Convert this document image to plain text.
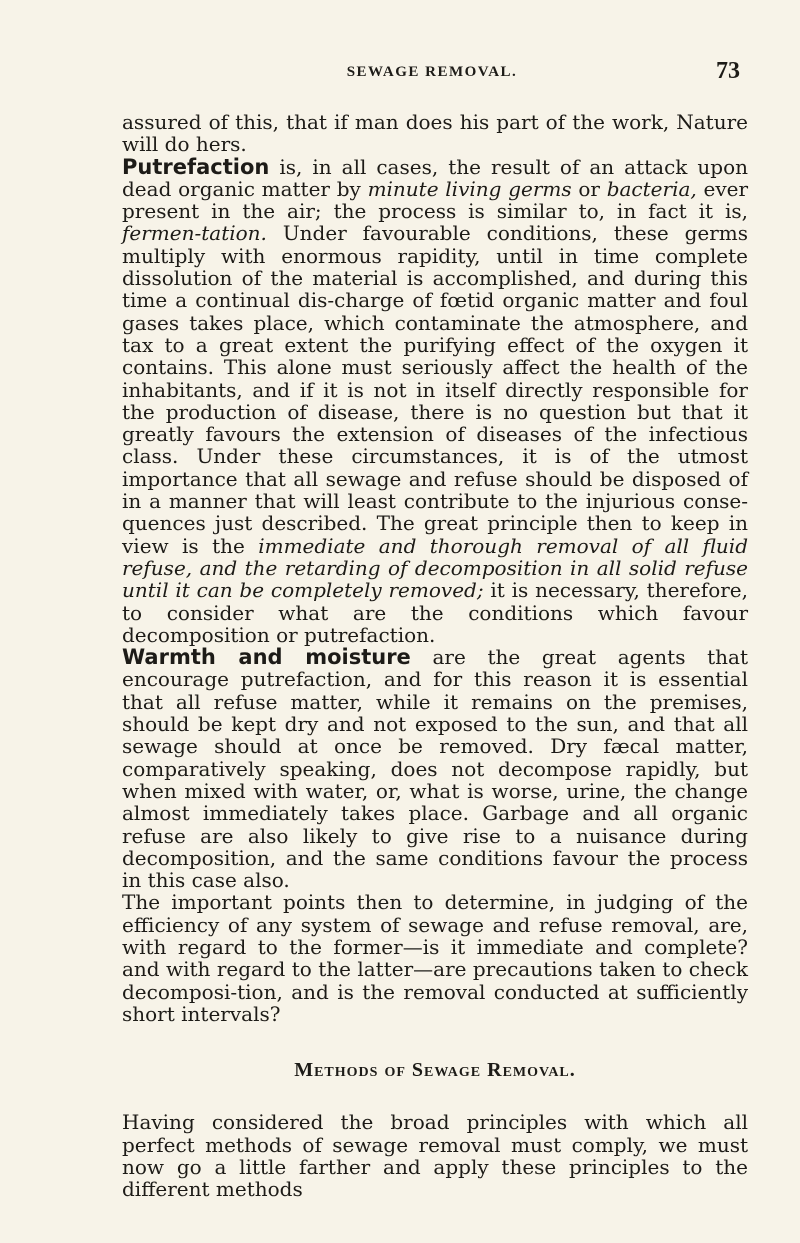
SEWAGE REMOVAL.	73

assured of this, that if man does his part of the work, Nature will do hers.

Putrefaction is, in all cases, the result of an attack upon dead organic matter by minute living germs or bacteria, ever present in the air; the process is similar to, in fact it is, fermen-tation. Under favourable conditions, these germs multiply with enormous rapidity, until in time complete dissolution of the material is accomplished, and during this time a continual dis-charge of fœtid organic matter and foul gases takes place, which contaminate the atmosphere, and tax to a great extent the purifying effect of the oxygen it contains. This alone must seriously affect the health of the inhabitants, and if it is not in itself directly responsible for the production of disease, there is no question but that it greatly favours the extension of diseases of the infectious class. Under these circumstances, it is of the utmost importance that all sewage and refuse should be disposed of in a manner that will least contribute to the injurious conse-quences just described. The great principle then to keep in view is the immediate and thorough removal of all fluid refuse, and the retarding of decomposition in all solid refuse until it can be completely removed; it is necessary, therefore, to consider what are the conditions which favour decomposition or putrefaction.

Warmth and moisture are the great agents that encourage putrefaction, and for this reason it is essential that all refuse matter, while it remains on the premises, should be kept dry and not exposed to the sun, and that all sewage should at once be removed. Dry fæcal matter, comparatively speaking, does not decompose rapidly, but when mixed with water, or, what is worse, urine, the change almost immediately takes place. Garbage and all organic refuse are also likely to give rise to a nuisance during decomposition, and the same conditions favour the process in this case also.

The important points then to determine, in judging of the efficiency of any system of sewage and refuse removal, are, with regard to the former—is it immediate and complete? and with regard to the latter—are precautions taken to check decomposi-tion, and is the removal conducted at sufficiently short intervals?

Methods of Sewage Removal.

Having considered the broad principles with which all perfect methods of sewage removal must comply, we must now go a little farther and apply these principles to the different methods
